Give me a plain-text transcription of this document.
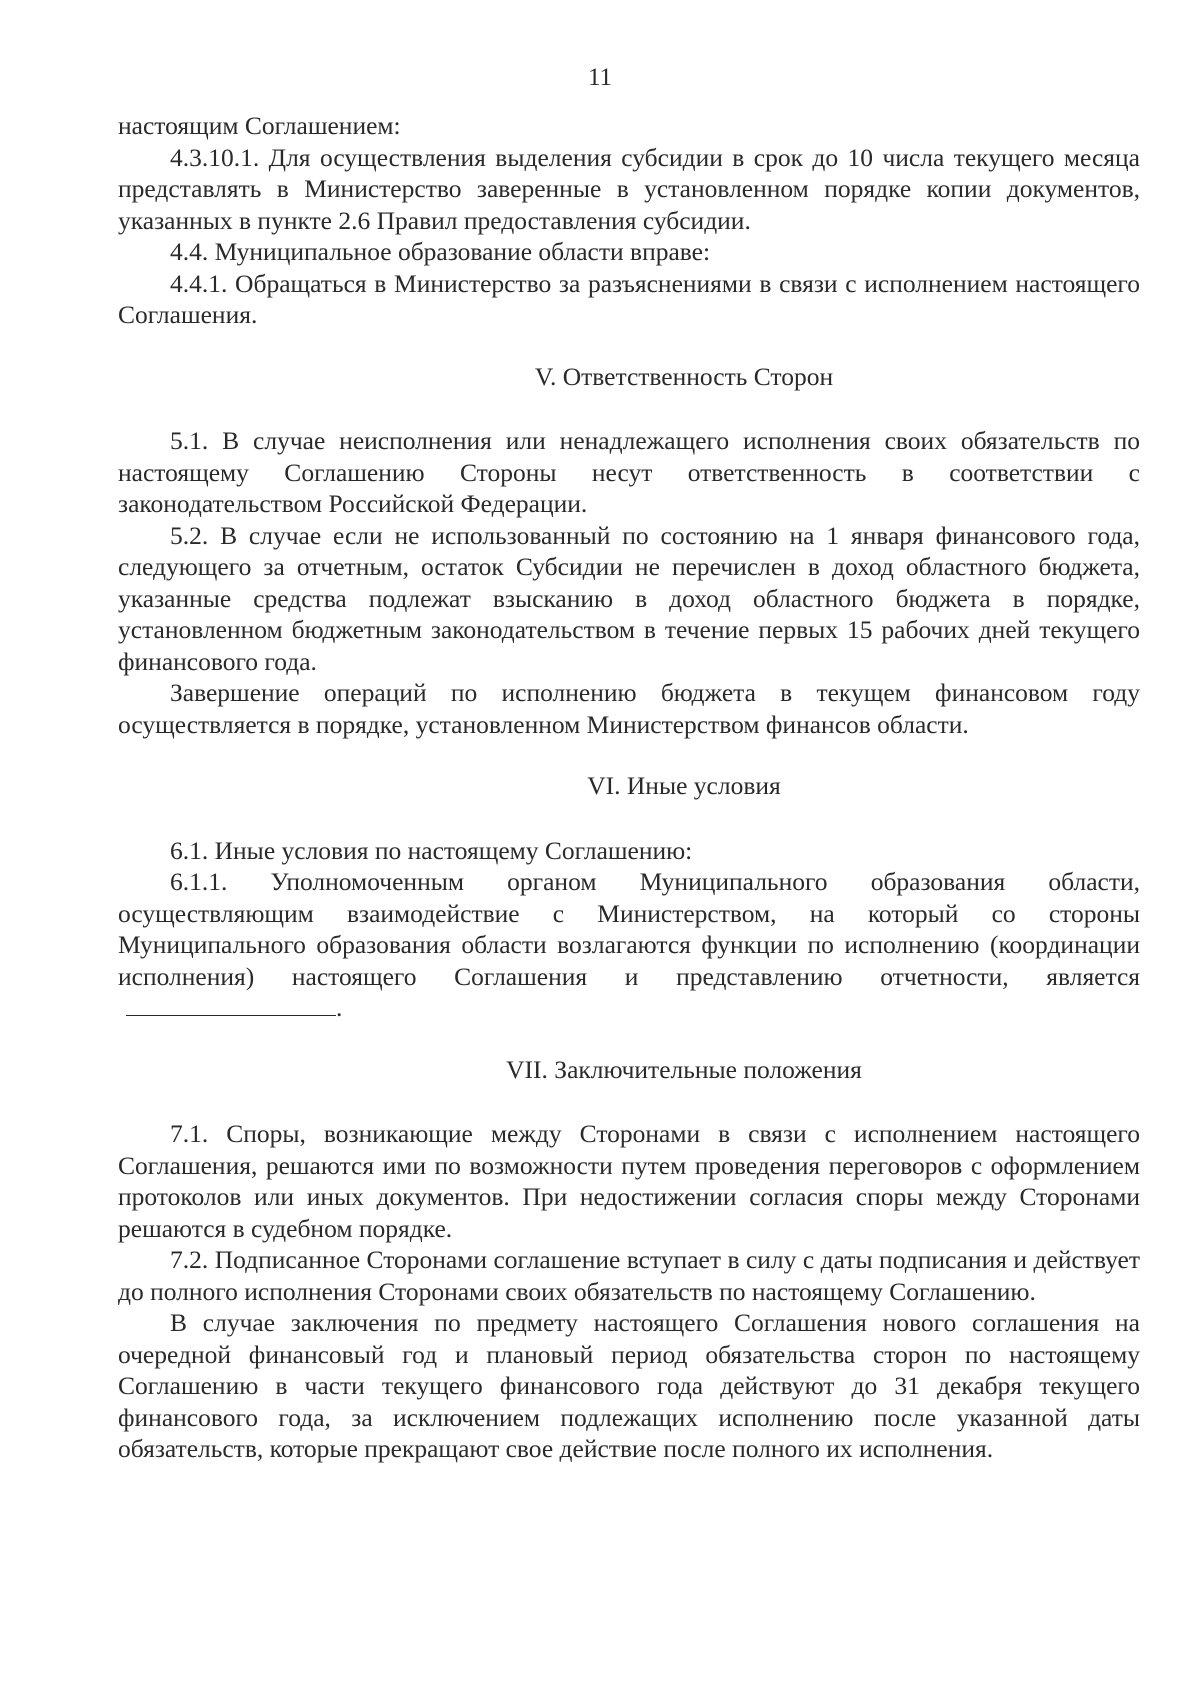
11

настоящим Соглашением:

4.3.10.1. Для осуществления выделения субсидии в срок до 10 числа текущего месяца представлять в Министерство заверенные в установленном порядке копии документов, указанных в пункте 2.6 Правил предоставления субсидии.

4.4. Муниципальное образование области вправе:

4.4.1. Обращаться в Министерство за разъяснениями в связи с исполнением настоящего Соглашения.

V. Ответственность Сторон

5.1. В случае неисполнения или ненадлежащего исполнения своих обязательств по настоящему Соглашению Стороны несут ответственность в соответствии с законодательством Российской Федерации.

5.2. В случае если не использованный по состоянию на 1 января финансового года, следующего за отчетным, остаток Субсидии не перечислен в доход областного бюджета, указанные средства подлежат взысканию в доход областного бюджета в порядке, установленном бюджетным законодательством в течение первых 15 рабочих дней текущего финансового года.

Завершение операций по исполнению бюджета в текущем финансовом году осуществляется в порядке, установленном Министерством финансов области.

VI. Иные условия

6.1. Иные условия по настоящему Соглашению:

6.1.1. Уполномоченным органом Муниципального образования области, осуществляющим взаимодействие с Министерством, на который со стороны Муниципального образования области возлагаются функции по исполнению (координации исполнения) настоящего Соглашения и представлению отчетности, является.

VII. Заключительные положения

7.1. Споры, возникающие между Сторонами в связи с исполнением настоящего Соглашения, решаются ими по возможности путем проведения переговоров с оформлением протоколов или иных документов. При недостижении согласия споры между Сторонами решаются в судебном порядке.

7.2. Подписанное Сторонами соглашение вступает в силу с даты подписания и действует до полного исполнения Сторонами своих обязательств по настоящему Соглашению.

В случае заключения по предмету настоящего Соглашения нового соглашения на очередной финансовый год и плановый период обязательства сторон по настоящему Соглашению в части текущего финансового года действуют до 31 декабря текущего финансового года, за исключением подлежащих исполнению после указанной даты обязательств, которые прекращают свое действие после полного их исполнения.
